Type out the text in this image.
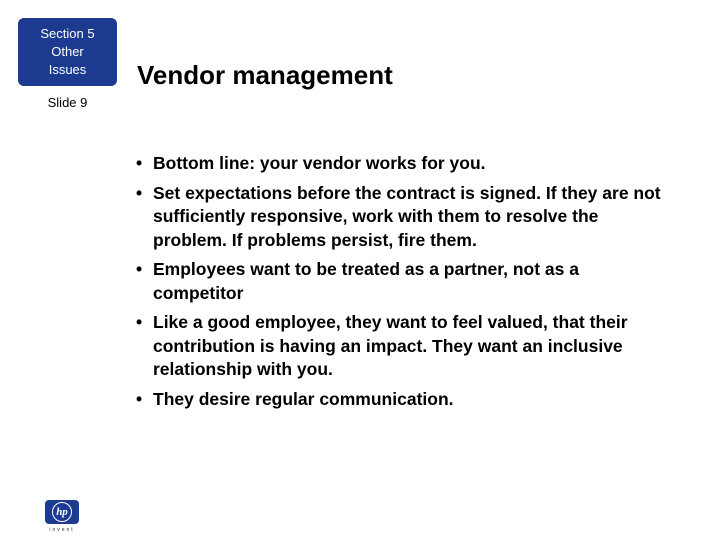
Section 5
Other
Issues
Slide 9
Vendor management
• Bottom line: your vendor works for you.
• Set expectations before the contract is signed. If they are not sufficiently responsive, work with them to resolve the problem. If problems persist, fire them.
• Employees want to be treated as a partner, not as a competitor
• Like a good employee, they want to feel valued, that their contribution is having an impact. They want an inclusive relationship with you.
• They desire regular communication.
hp
invent
